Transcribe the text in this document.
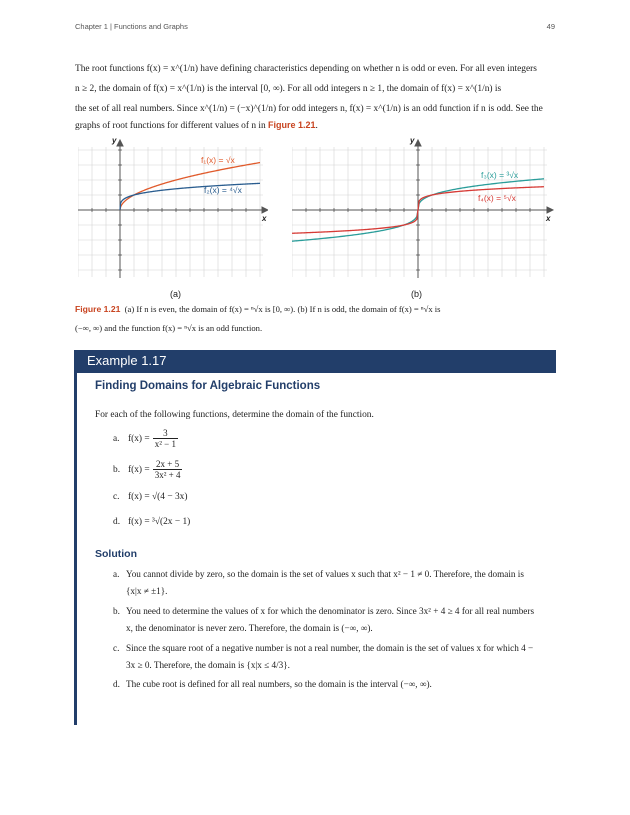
Chapter 1 | Functions and Graphs	49
The root functions f(x) = x^(1/n) have defining characteristics depending on whether n is odd or even. For all even integers
n ≥ 2, the domain of f(x) = x^(1/n) is the interval [0, ∞). For all odd integers n ≥ 1, the domain of f(x) = x^(1/n) is
the set of all real numbers. Since x^(1/n) = (−x)^(1/n) for odd integers n, f(x) = x^(1/n) is an odd function if n is odd. See the
graphs of root functions for different values of n in Figure 1.21.
y
x
f₁(x) = √x
f₂(x) = ⁴√x
y
x
f₃(x) = ³√x
f₄(x) = ⁵√x
(a)	(b)
Figure 1.21 (a) If n is even, the domain of f(x) = ⁿ√x is [0, ∞). (b) If n is odd, the domain of f(x) = ⁿ√x is
(−∞, ∞) and the function f(x) = ⁿ√x is an odd function.
Example 1.17
Finding Domains for Algebraic Functions
For each of the following functions, determine the domain of the function.
a. $f(x) = \frac{3}{\text{x² − 1}}$
b. $f(x) = \frac{2x + 5}{\text{3x² + 4}}$
c. f(x) = √(4 − 3x)
d. f(x) = ³√(2x − 1)
Solution
a. You cannot divide by zero, so the domain is the set of values x such that x² − 1 ≠ 0. Therefore, the domain is {x|x ≠ ±1}.
b. You need to determine the values of x for which the denominator is zero. Since 3x² + 4 ≥ 4 for all real numbers x, the denominator is never zero. Therefore, the domain is (−∞, ∞).
c. Since the square root of a negative number is not a real number, the domain is the set of values x for which 4 − 3x ≥ 0. Therefore, the domain is {x|x ≤ 4/3}.
d. The cube root is defined for all real numbers, so the domain is the interval (−∞, ∞).
